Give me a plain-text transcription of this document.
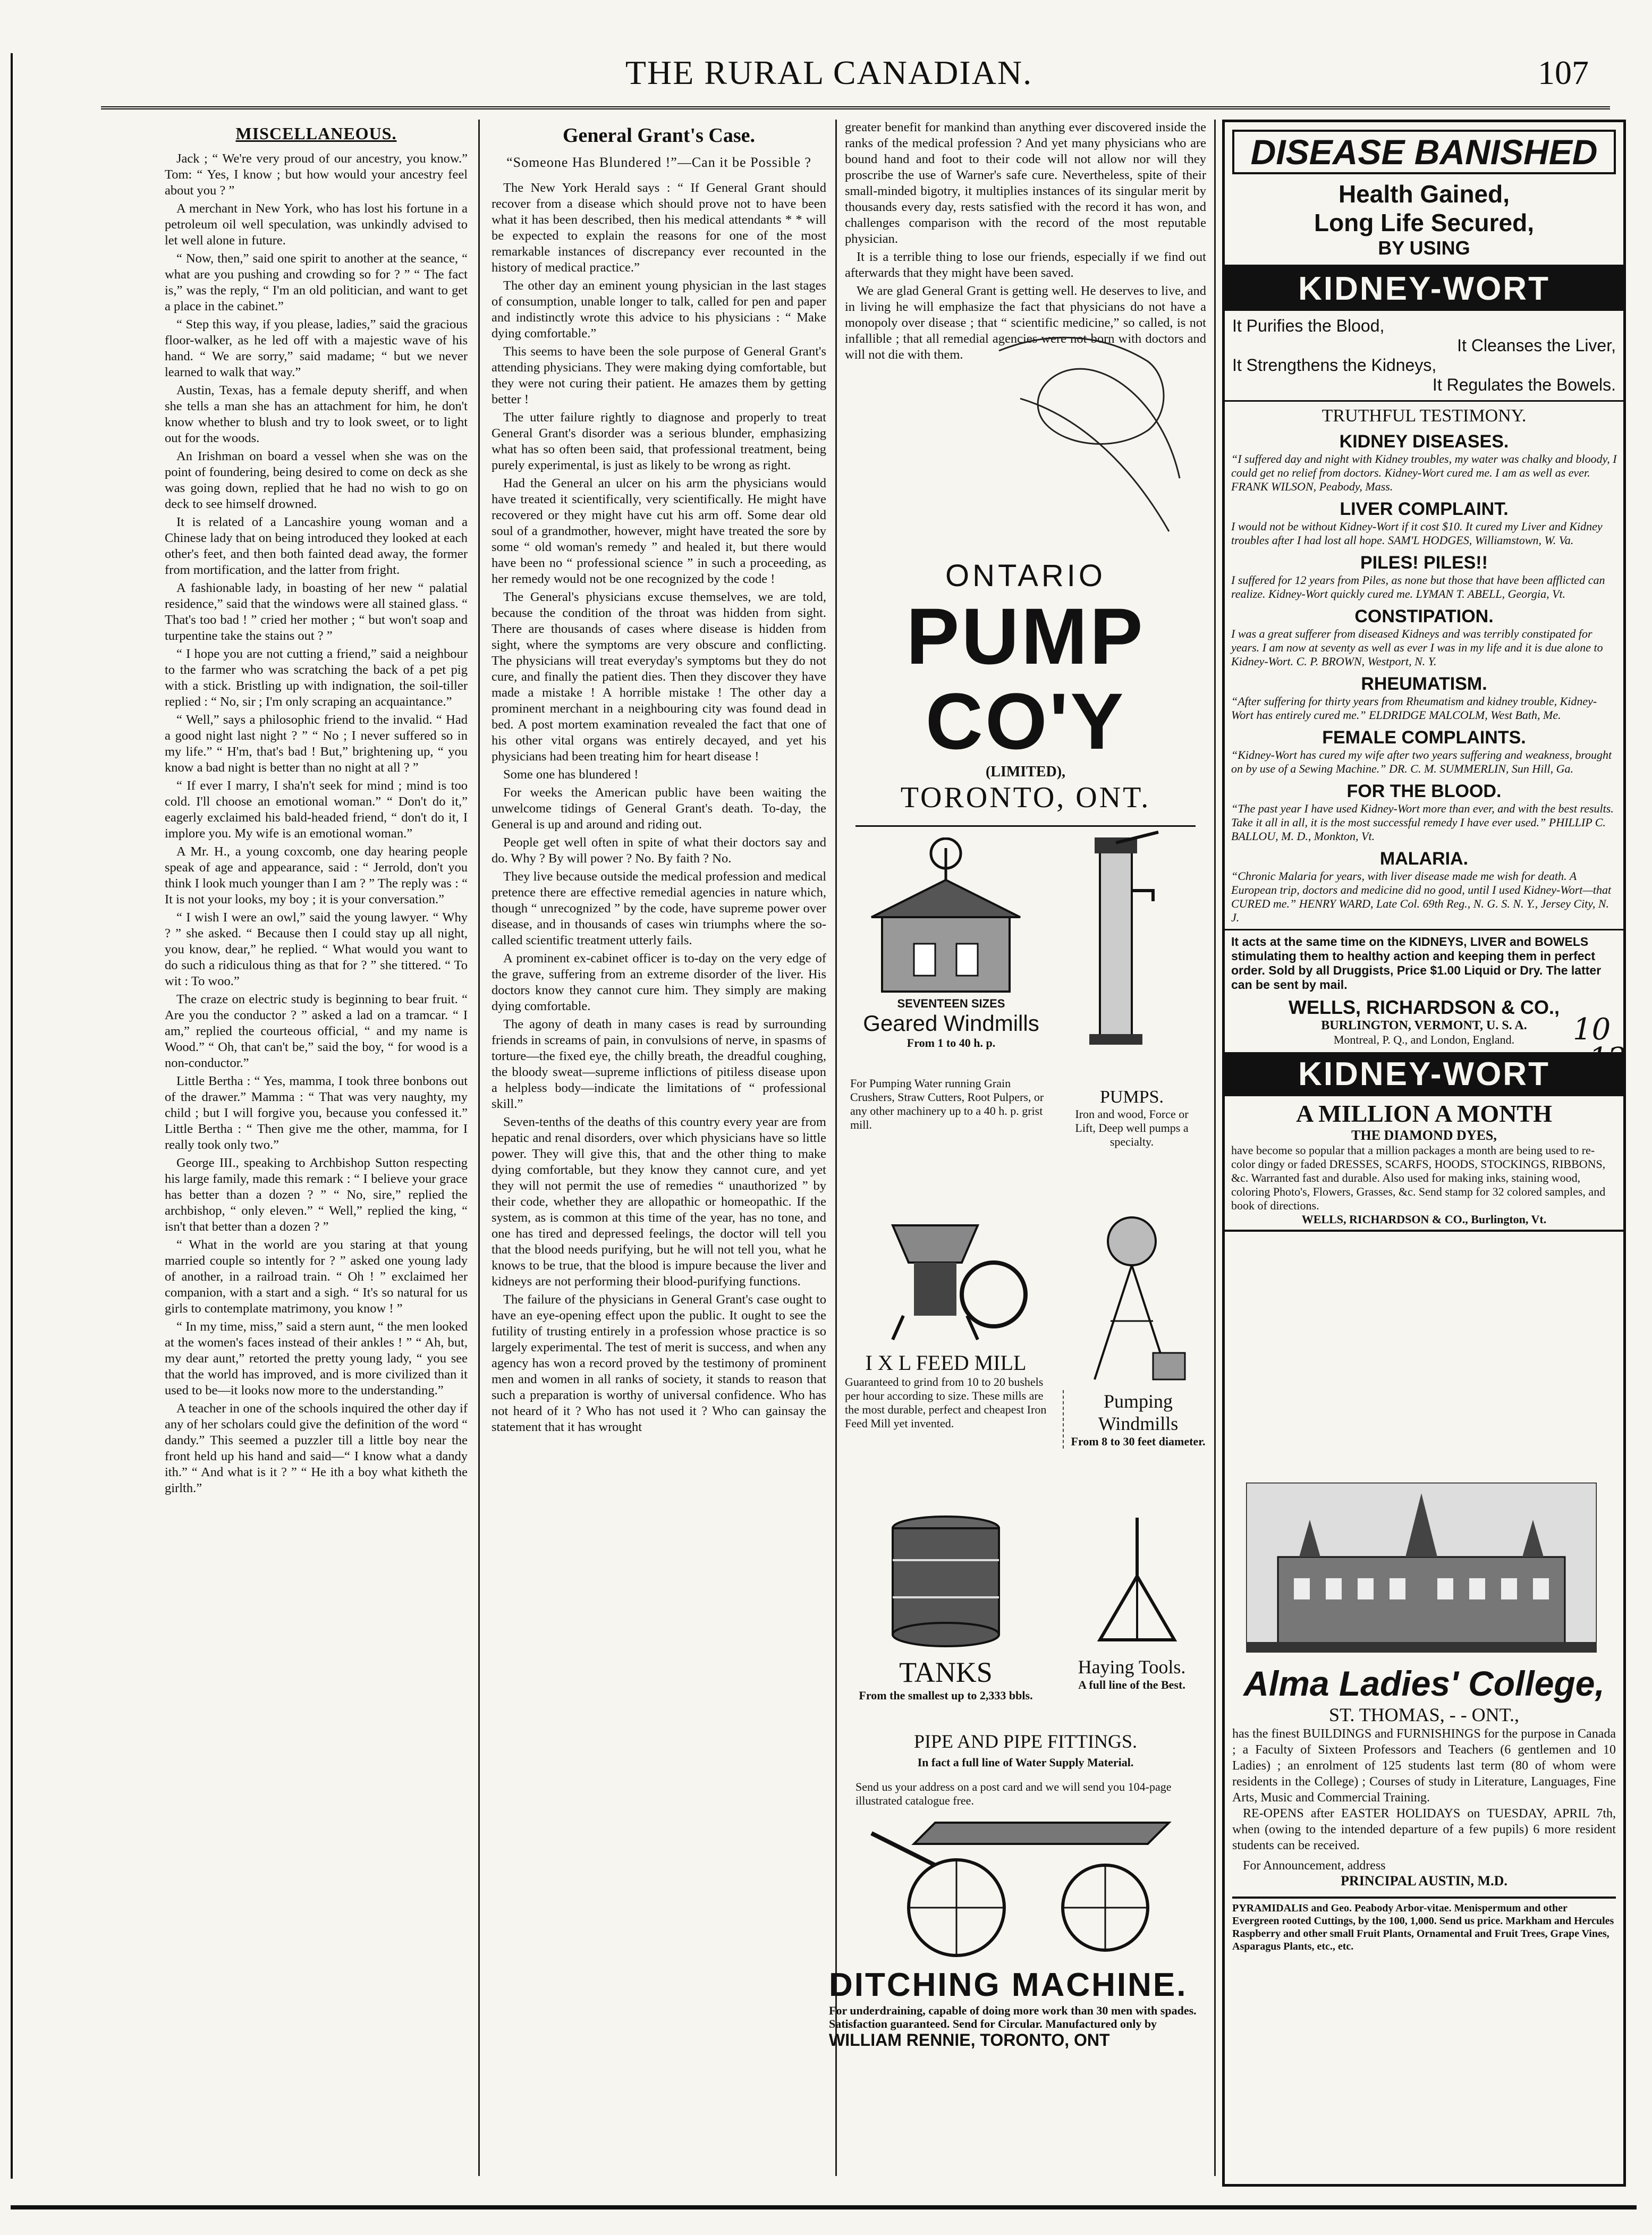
THE RURAL CANADIAN.	107
MISCELLANEOUS.

Jack ; “ We're very proud of our ancestry, you know.” Tom: “ Yes, I know ; but how would your ancestry feel about you ? ”

A merchant in New York, who has lost his fortune in a petroleum oil well speculation, was unkindly advised to let well alone in future.

“ Now, then,” said one spirit to another at the seance, “ what are you pushing and crowding so for ? ” “ The fact is,” was the reply, “ I'm an old politician, and want to get a place in the cabinet.”

“ Step this way, if you please, ladies,” said the gracious floor-walker, as he led off with a majestic wave of his hand. “ We are sorry,” said madame; “ but we never learned to walk that way.”

Austin, Texas, has a female deputy sheriff, and when she tells a man she has an attachment for him, he don't know whether to blush and try to look sweet, or to light out for the woods.

An Irishman on board a vessel when she was on the point of foundering, being desired to come on deck as she was going down, replied that he had no wish to go on deck to see himself drowned.

It is related of a Lancashire young woman and a Chinese lady that on being introduced they looked at each other's feet, and then both fainted dead away, the former from mortification, and the latter from fright.

A fashionable lady, in boasting of her new “ palatial residence,” said that the windows were all stained glass. “ That's too bad ! ” cried her mother ; “ but won't soap and turpentine take the stains out ? ”

“ I hope you are not cutting a friend,” said a neighbour to the farmer who was scratching the back of a pet pig with a stick. Bristling up with indignation, the soil-tiller replied : “ No, sir ; I'm only scraping an acquaintance.”

“ Well,” says a philosophic friend to the invalid. “ Had a good night last night ? ” “ No ; I never suffered so in my life.” “ H'm, that's bad ! But,” brightening up, “ you know a bad night is better than no night at all ? ”

“ If ever I marry, I sha'n't seek for mind ; mind is too cold. I'll choose an emotional woman.” “ Don't do it,” eagerly exclaimed his bald-headed friend, “ don't do it, I implore you. My wife is an emotional woman.”

A Mr. H., a young coxcomb, one day hearing people speak of age and appearance, said : “ Jerrold, don't you think I look much younger than I am ? ” The reply was : “ It is not your looks, my boy ; it is your conversation.”

“ I wish I were an owl,” said the young lawyer. “ Why ? ” she asked. “ Because then I could stay up all night, you know, dear,” he replied. “ What would you want to do such a ridiculous thing as that for ? ” she tittered. “ To wit : To woo.”

The craze on electric study is beginning to bear fruit. “ Are you the conductor ? ” asked a lad on a tramcar. “ I am,” replied the courteous official, “ and my name is Wood.” “ Oh, that can't be,” said the boy, “ for wood is a non-conductor.”

Little Bertha : “ Yes, mamma, I took three bonbons out of the drawer.” Mamma : “ That was very naughty, my child ; but I will forgive you, because you confessed it.” Little Bertha : “ Then give me the other, mamma, for I really took only two.”

George III., speaking to Archbishop Sutton respecting his large family, made this remark : “ I believe your grace has better than a dozen ? ” “ No, sire,” replied the archbishop, “ only eleven.” “ Well,” replied the king, “ isn't that better than a dozen ? ”

“ What in the world are you staring at that young married couple so intently for ? ” asked one young lady of another, in a railroad train. “ Oh ! ” exclaimed her companion, with a start and a sigh. “ It's so natural for us girls to contemplate matrimony, you know ! ”

“ In my time, miss,” said a stern aunt, “ the men looked at the women's faces instead of their ankles ! ” “ Ah, but, my dear aunt,” retorted the pretty young lady, “ you see that the world has improved, and is more civilized than it used to be—it looks now more to the understanding.”

A teacher in one of the schools inquired the other day if any of her scholars could give the definition of the word “ dandy.” This seemed a puzzler till a little boy near the front held up his hand and said—“ I know what a dandy ith.” “ And what is it ? ” “ He ith a boy what kitheth the girlth.”

General Grant's Case.
“Someone Has Blundered !”—Can it be Possible ?

The New York Herald says : “ If General Grant should recover from a disease which should prove not to have been what it has been described, then his medical attendants * * will be expected to explain the reasons for one of the most remarkable instances of discrepancy ever recounted in the history of medical practice.”

The other day an eminent young physician in the last stages of consumption, unable longer to talk, called for pen and paper and indistinctly wrote this advice to his physicians : “ Make dying comfortable.”

This seems to have been the sole purpose of General Grant's attending physicians. They were making dying comfortable, but they were not curing their patient. He amazes them by getting better !

The utter failure rightly to diagnose and properly to treat General Grant's disorder was a serious blunder, emphasizing what has so often been said, that professional treatment, being purely experimental, is just as likely to be wrong as right.

Had the General an ulcer on his arm the physicians would have treated it scientifically, very scientifically. He might have recovered or they might have cut his arm off. Some dear old soul of a grandmother, however, might have treated the sore by some “ old woman's remedy ” and healed it, but there would have been no “ professional science ” in such a proceeding, as her remedy would not be one recognized by the code !

The General's physicians excuse themselves, we are told, because the condition of the throat was hidden from sight. There are thousands of cases where disease is hidden from sight, where the symptoms are very obscure and conflicting. The physicians will treat everyday's symptoms but they do not cure, and finally the patient dies. Then they discover they have made a mistake ! A horrible mistake ! The other day a prominent merchant in a neighbouring city was found dead in bed. A post mortem examination revealed the fact that one of his other vital organs was entirely decayed, and yet his physicians had been treating him for heart disease !

Some one has blundered !

For weeks the American public have been waiting the unwelcome tidings of General Grant's death. To-day, the General is up and around and riding out.

People get well often in spite of what their doctors say and do. Why ? By will power ? No. By faith ? No.

They live because outside the medical profession and medical pretence there are effective remedial agencies in nature which, though “ unrecognized ” by the code, have supreme power over disease, and in thousands of cases win triumphs where the so-called scientific treatment utterly fails.

A prominent ex-cabinet officer is to-day on the very edge of the grave, suffering from an extreme disorder of the liver. His doctors know they cannot cure him. They simply are making dying comfortable.

The agony of death in many cases is read by surrounding friends in screams of pain, in convulsions of nerve, in spasms of torture—the fixed eye, the chilly breath, the dreadful coughing, the bloody sweat—supreme inflictions of pitiless disease upon a helpless body—indicate the limitations of “ professional skill.”

Seven-tenths of the deaths of this country every year are from hepatic and renal disorders, over which physicians have so little power. They will give this, that and the other thing to make dying comfortable, but they know they cannot cure, and yet they will not permit the use of remedies “ unauthorized ” by their code, whether they are allopathic or homeopathic. If the system, as is common at this time of the year, has no tone, and one has tired and depressed feelings, the doctor will tell you that the blood needs purifying, but he will not tell you, what he knows to be true, that the blood is impure because the liver and kidneys are not performing their blood-purifying functions.

The failure of the physicians in General Grant's case ought to have an eye-opening effect upon the public. It ought to see the futility of trusting entirely in a profession whose practice is so largely experimental. The test of merit is success, and when any agency has won a record proved by the testimony of prominent men and women in all ranks of society, it stands to reason that such a preparation is worthy of universal confidence. Who has not heard of it ? Who has not used it ? Who can gainsay the statement that it has wrought

greater benefit for mankind than anything ever discovered inside the ranks of the medical profession ? And yet many physicians who are bound hand and foot to their code will not allow nor will they proscribe the use of Warner's safe cure. Nevertheless, spite of their small-minded bigotry, it multiplies instances of its singular merit by thousands every day, rests satisfied with the record it has won, and challenges comparison with the record of the most reputable physician.

It is a terrible thing to lose our friends, especially if we find out afterwards that they might have been saved.

We are glad General Grant is getting well. He deserves to live, and in living he will emphasize the fact that physicians do not have a monopoly over disease ; that “ scientific medicine,” so called, is not infallible ; that all remedial agencies were not born with doctors and will not die with them.

ONTARIO
PUMP CO'Y
(LIMITED),
TORONTO, ONT.
SEVENTEEN SIZES
Geared Windmills
From 1 to 40 h. p.
For Pumping Water running Grain Crushers, Straw Cutters, Root Pulpers, or any other machinery up to a 40 h. p. grist mill.
PUMPS.
Iron and wood, Force or Lift, Deep well pumps a specialty.
I X L FEED MILL
Guaranteed to grind from 10 to 20 bushels per hour according to size. These mills are the most durable, perfect and cheapest Iron Feed Mill yet invented.
Pumping Windmills
From 8 to 30 feet diameter.
TANKS
From the smallest up to 2,333 bbls.
Haying Tools.
A full line of the Best.
PIPE AND PIPE FITTINGS.
In fact a full line of Water Supply Material.
Send us your address on a post card and we will send you 104-page illustrated catalogue free.
DITCHING MACHINE.
For underdraining, capable of doing more work than 30 men with spades. Satisfaction guaranteed. Send for Circular. Manufactured only by
WILLIAM RENNIE, TORONTO, ONT
DISEASE BANISHED
Health Gained,
Long Life Secured,
BY USING
KIDNEY-WORT
It Purifies the Blood,
It Cleanses the Liver,
It Strengthens the Kidneys,
It Regulates the Bowels.
TRUTHFUL TESTIMONY.
KIDNEY DISEASES.
“I suffered day and night with Kidney troubles, my water was chalky and bloody, I could get no relief from doctors. Kidney-Wort cured me. I am as well as ever. FRANK WILSON, Peabody, Mass.
LIVER COMPLAINT.
I would not be without Kidney-Wort if it cost $10. It cured my Liver and Kidney troubles after I had lost all hope. SAM'L HODGES, Williamstown, W. Va.
PILES! PILES!!
I suffered for 12 years from Piles, as none but those that have been afflicted can realize. Kidney-Wort quickly cured me. LYMAN T. ABELL, Georgia, Vt.
CONSTIPATION.
I was a great sufferer from diseased Kidneys and was terribly constipated for years. I am now at seventy as well as ever I was in my life and it is due alone to Kidney-Wort. C. P. BROWN, Westport, N. Y.
RHEUMATISM.
“After suffering for thirty years from Rheumatism and kidney trouble, Kidney-Wort has entirely cured me.” ELDRIDGE MALCOLM, West Bath, Me.
FEMALE COMPLAINTS.
“Kidney-Wort has cured my wife after two years suffering and weakness, brought on by use of a Sewing Machine.” DR. C. M. SUMMERLIN, Sun Hill, Ga.
FOR THE BLOOD.
“The past year I have used Kidney-Wort more than ever, and with the best results. Take it all in all, it is the most successful remedy I have ever used.” PHILLIP C. BALLOU, M. D., Monkton, Vt.
MALARIA.
“Chronic Malaria for years, with liver disease made me wish for death. A European trip, doctors and medicine did no good, until I used Kidney-Wort—that CURED me.” HENRY WARD, Late Col. 69th Reg., N. G. S. N. Y., Jersey City, N. J.
It acts at the same time on the KIDNEYS, LIVER and BOWELS stimulating them to healthy action and keeping them in perfect order. Sold by all Druggists, Price $1.00 Liquid or Dry. The latter can be sent by mail.
WELLS, RICHARDSON & CO.,
BURLINGTON, VERMONT, U. S. A.
Montreal, P. Q., and London, England.
KIDNEY-WORT
A MILLION A MONTH
THE DIAMOND DYES,
have become so popular that a million packages a month are being used to re-color dingy or faded DRESSES, SCARFS, HOODS, STOCKINGS, RIBBONS, &c. Warranted fast and durable. Also used for making inks, staining wood, coloring Photo's, Flowers, Grasses, &c. Send stamp for 32 colored samples, and book of directions.
WELLS, RICHARDSON & CO., Burlington, Vt.
Alma Ladies' College,
ST. THOMAS, - - ONT.,
has the finest BUILDINGS and FURNISHINGS for the purpose in Canada ; a Faculty of Sixteen Professors and Teachers (6 gentlemen and 10 Ladies) ; an enrolment of 125 students last term (80 of whom were residents in the College) ; Courses of study in Literature, Languages, Fine Arts, Music and Commercial Training.
RE-OPENS after EASTER HOLIDAYS on TUESDAY, APRIL 7th, when (owing to the intended departure of a few pupils) 6 more resident students can be received.
For Announcement, address
PRINCIPAL AUSTIN, M.D.
PYRAMIDALIS and Geo. Peabody Arbor-vitae. Menispermum and other Evergreen rooted Cuttings, by the 100, 1,000. Send us price. Markham and Hercules Raspberry and other small Fruit Plants, Ornamental and Fruit Trees, Grape Vines, Asparagus Plants, etc., etc.
10
12
